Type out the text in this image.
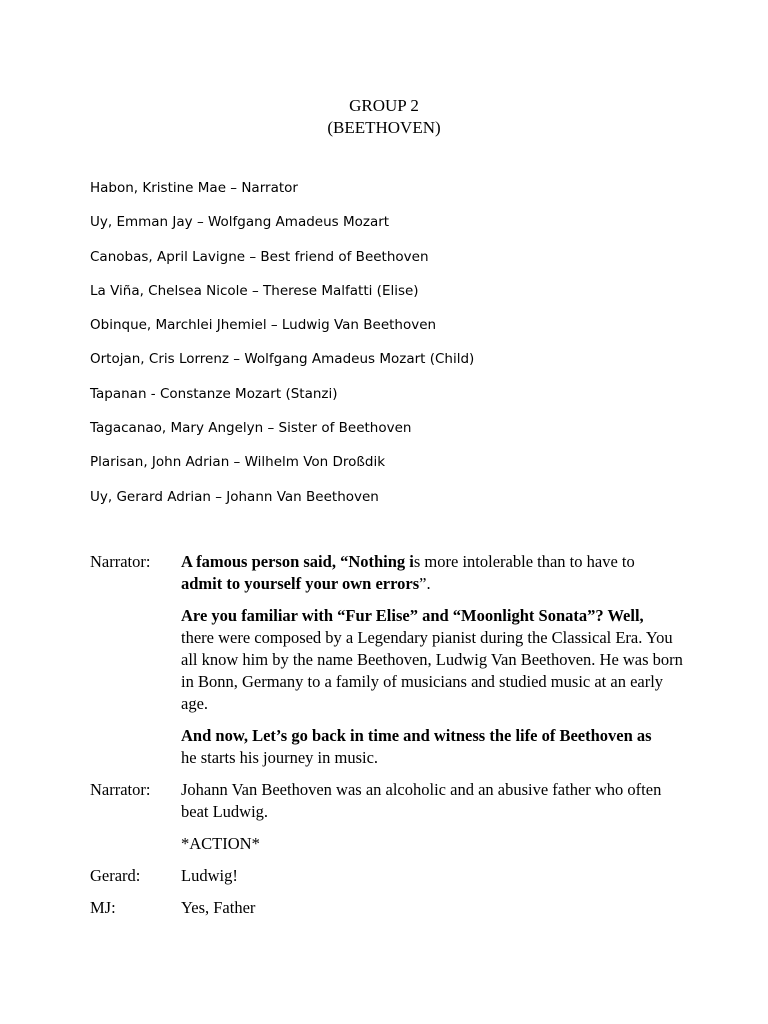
GROUP 2
(BEETHOVEN)
Habon, Kristine Mae – Narrator
Uy, Emman Jay – Wolfgang Amadeus Mozart
Canobas, April Lavigne – Best friend of Beethoven
La Viña, Chelsea Nicole – Therese Malfatti (Elise)
Obinque, Marchlei Jhemiel – Ludwig Van Beethoven
Ortojan, Cris Lorrenz – Wolfgang Amadeus Mozart (Child)
Tapanan - Constanze Mozart (Stanzi)
Tagacanao, Mary Angelyn – Sister of Beethoven
Plarisan, John Adrian – Wilhelm Von Droßdik
Uy, Gerard Adrian – Johann Van Beethoven
Narrator:	A famous person said, “Nothing is more intolerable than to have to
admit to yourself your own errors”.

Are you familiar with “Fur Elise” and “Moonlight Sonata”? Well,
there were composed by a Legendary pianist during the Classical Era. You all know him by the name Beethoven, Ludwig Van Beethoven. He was born in Bonn, Germany to a family of musicians and studied music at an early age.

And now, Let’s go back in time and witness the life of Beethoven as
he starts his journey in music.

Narrator:	Johann Van Beethoven was an alcoholic and an abusive father who often beat Ludwig.

*ACTION*

Gerard:	Ludwig!

MJ:	Yes, Father
